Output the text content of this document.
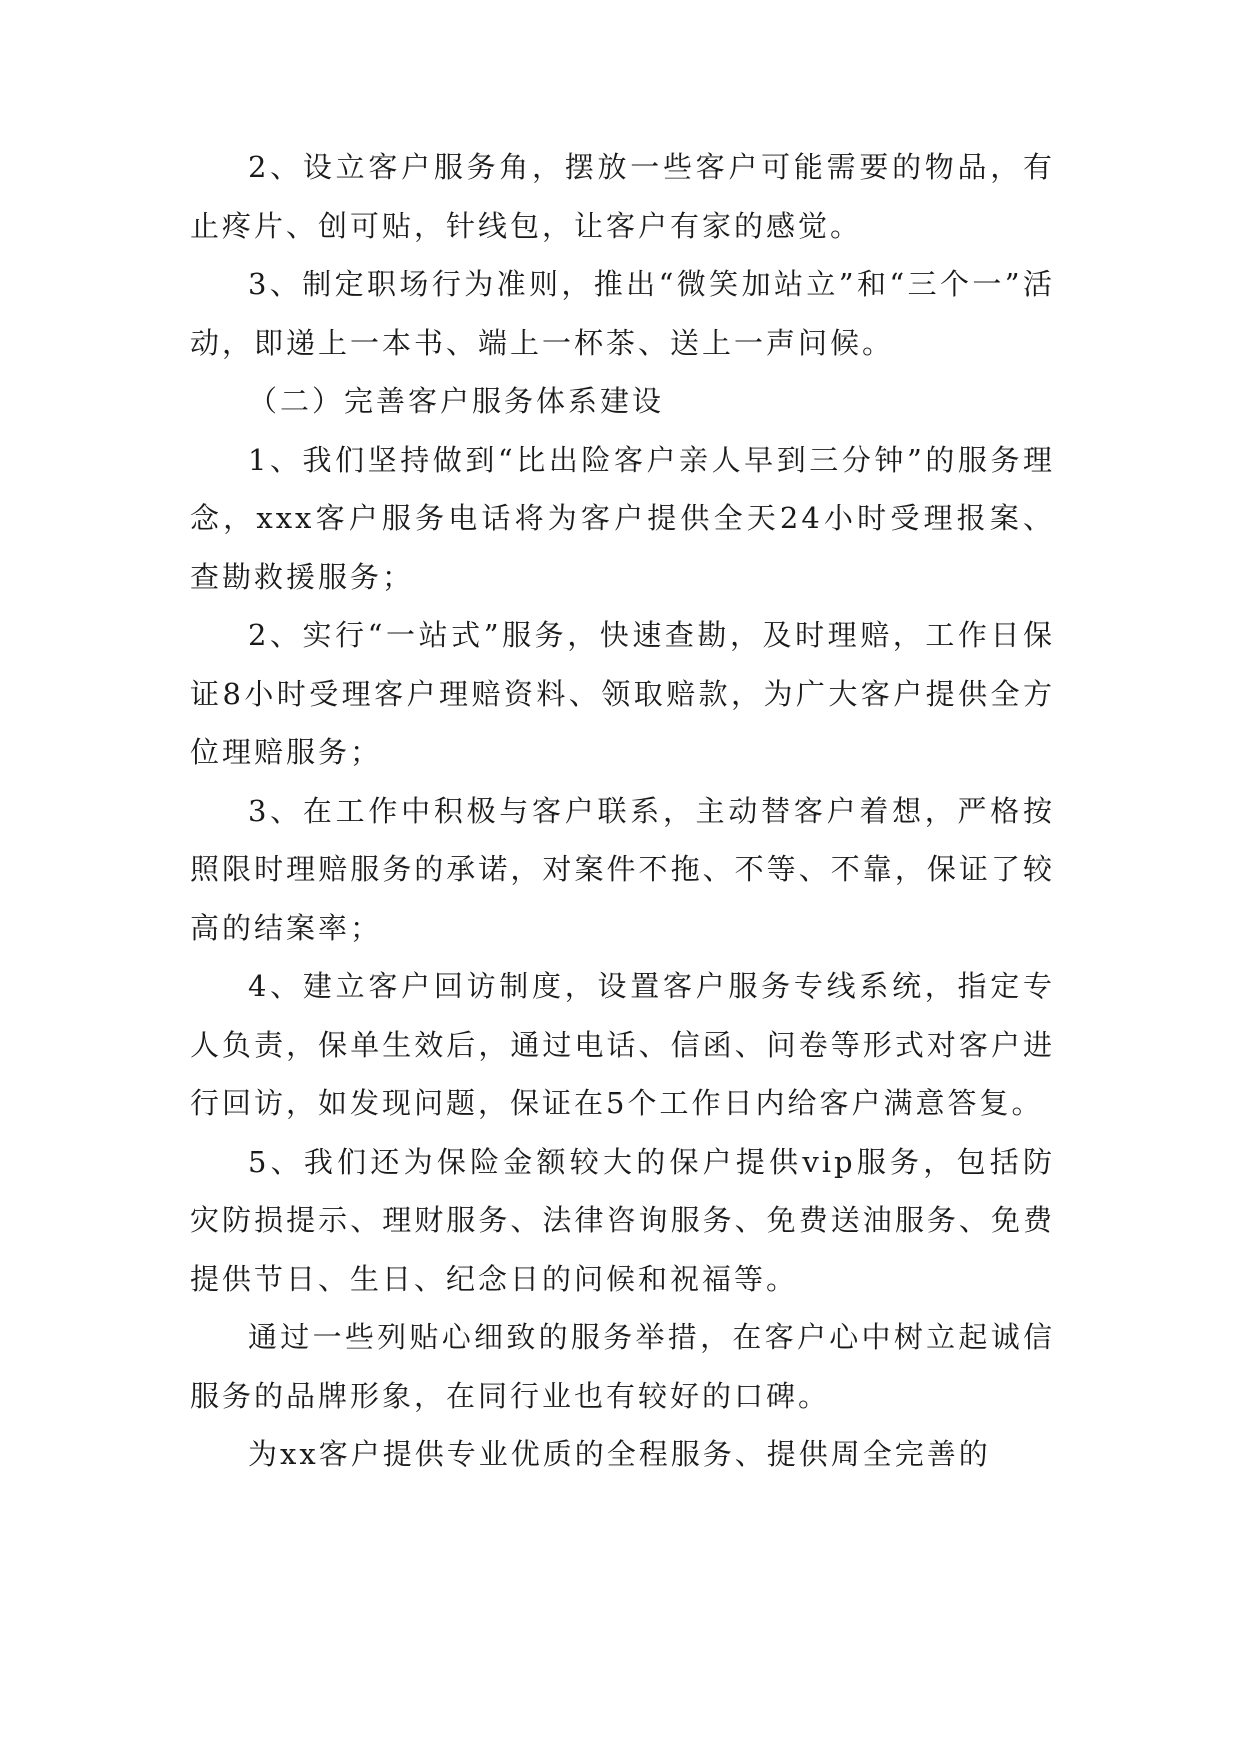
2、设立客户服务角，摆放一些客户可能需要的物品，有止疼片、创可贴，针线包，让客户有家的感觉。

3、制定职场行为准则，推出“微笑加站立”和“三个一”活动，即递上一本书、端上一杯茶、送上一声问候。

（二）完善客户服务体系建设

1、我们坚持做到“比出险客户亲人早到三分钟”的服务理念，xxx客户服务电话将为客户提供全天24小时受理报案、查勘救援服务；

2、实行“一站式”服务，快速查勘，及时理赔，工作日保证8小时受理客户理赔资料、领取赔款，为广大客户提供全方位理赔服务；

3、在工作中积极与客户联系，主动替客户着想，严格按照限时理赔服务的承诺，对案件不拖、不等、不靠，保证了较高的结案率；

4、建立客户回访制度，设置客户服务专线系统，指定专人负责，保单生效后，通过电话、信函、问卷等形式对客户进行回访，如发现问题，保证在5个工作日内给客户满意答复。

5、我们还为保险金额较大的保户提供vip服务，包括防灾防损提示、理财服务、法律咨询服务、免费送油服务、免费提供节日、生日、纪念日的问候和祝福等。

通过一些列贴心细致的服务举措，在客户心中树立起诚信服务的品牌形象，在同行业也有较好的口碑。

为xx客户提供专业优质的全程服务、提供周全完善的
